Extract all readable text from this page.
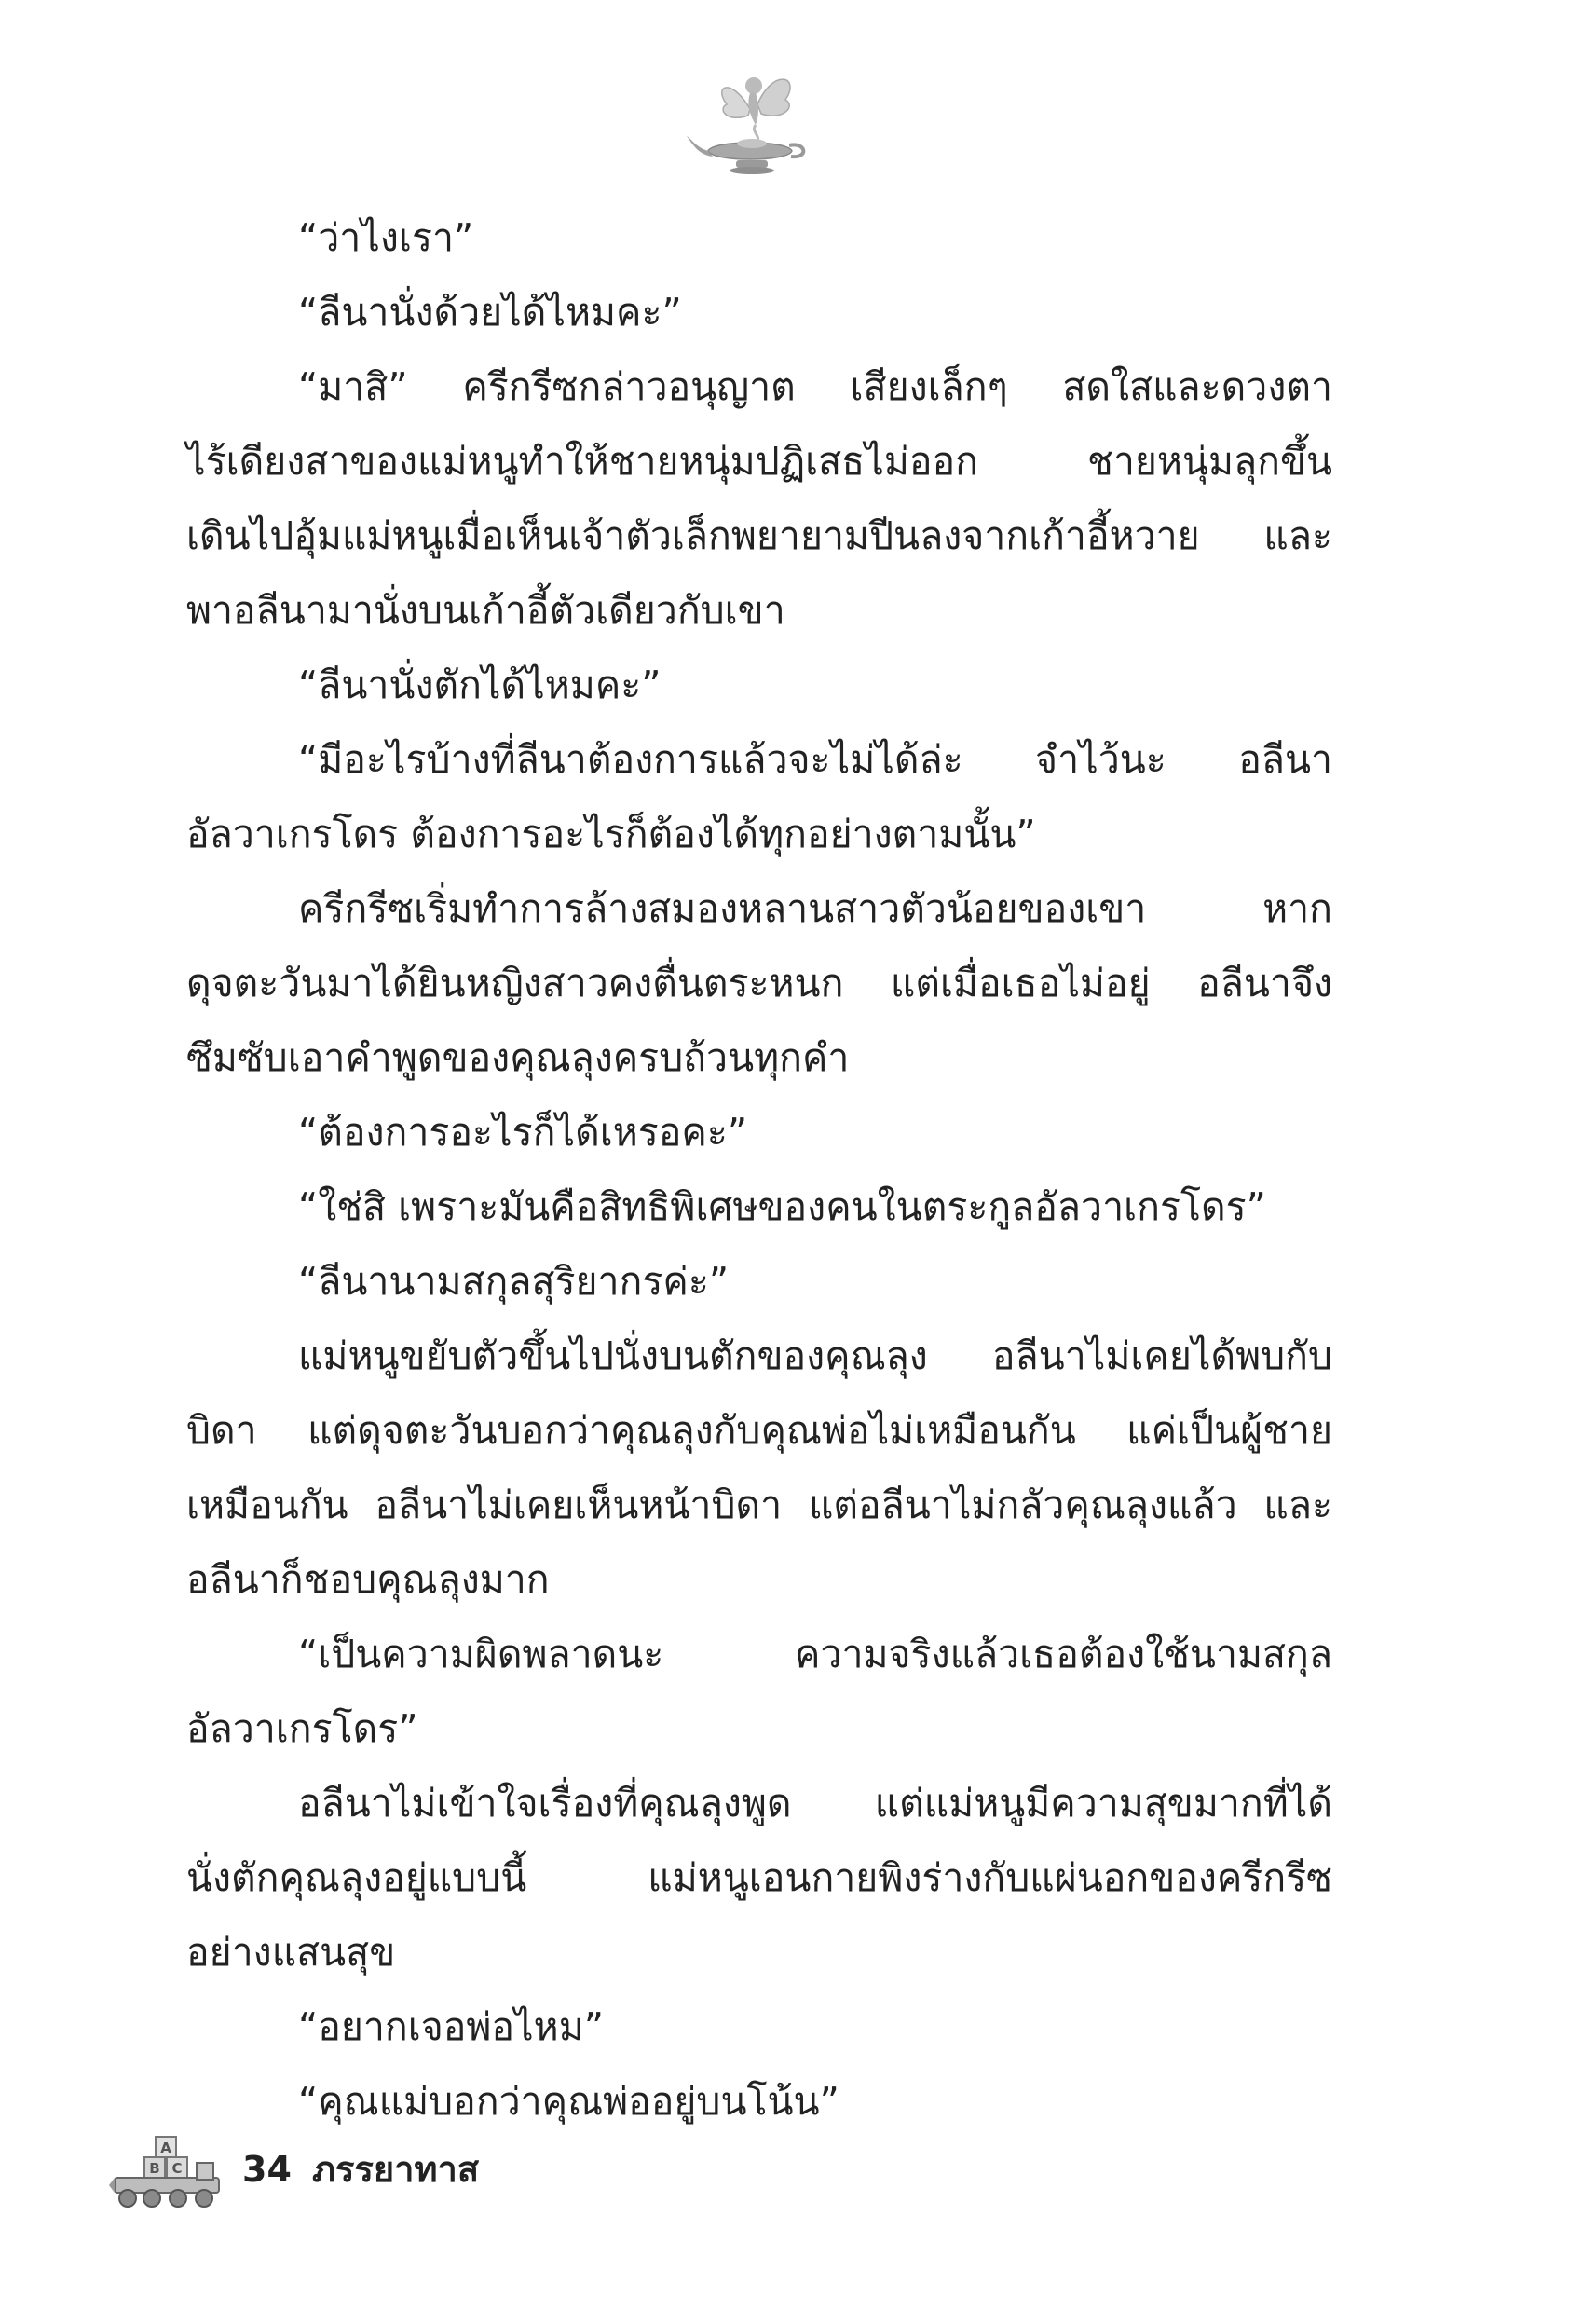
“ว่าไงเรา”
“ลีนานั่งด้วยได้ไหมคะ”
“มาสิ” ครีกรีซกล่าวอนุญาต เสียงเล็กๆ สดใสและดวงตา
ไร้เดียงสาของแม่หนูทำให้ชายหนุ่มปฏิเสธไม่ออก ชายหนุ่มลุกขึ้น
เดินไปอุ้มแม่หนูเมื่อเห็นเจ้าตัวเล็กพยายามปีนลงจากเก้าอี้หวาย และ
พาอลีนามานั่งบนเก้าอี้ตัวเดียวกับเขา
“ลีนานั่งตักได้ไหมคะ”
“มีอะไรบ้างที่ลีนาต้องการแล้วจะไม่ได้ล่ะ จำไว้นะ อลีนา
อัลวาเกรโดร ต้องการอะไรก็ต้องได้ทุกอย่างตามนั้น”
ครีกรีซเริ่มทำการล้างสมองหลานสาวตัวน้อยของเขา หาก
ดุจตะวันมาได้ยินหญิงสาวคงตื่นตระหนก แต่เมื่อเธอไม่อยู่ อลีนาจึง
ซึมซับเอาคำพูดของคุณลุงครบถ้วนทุกคำ
“ต้องการอะไรก็ได้เหรอคะ”
“ใช่สิ เพราะมันคือสิทธิพิเศษของคนในตระกูลอัลวาเกรโดร”
“ลีนานามสกุลสุริยากรค่ะ”
แม่หนูขยับตัวขึ้นไปนั่งบนตักของคุณลุง อลีนาไม่เคยได้พบกับ
บิดา แต่ดุจตะวันบอกว่าคุณลุงกับคุณพ่อไม่เหมือนกัน แค่เป็นผู้ชาย
เหมือนกัน อลีนาไม่เคยเห็นหน้าบิดา แต่อลีนาไม่กลัวคุณลุงแล้ว และ
อลีนาก็ชอบคุณลุงมาก
“เป็นความผิดพลาดนะ ความจริงแล้วเธอต้องใช้นามสกุล
อัลวาเกรโดร”
อลีนาไม่เข้าใจเรื่องที่คุณลุงพูด แต่แม่หนูมีความสุขมากที่ได้
นั่งตักคุณลุงอยู่แบบนี้ แม่หนูเอนกายพิงร่างกับแผ่นอกของครีกรีซ
อย่างแสนสุข
“อยากเจอพ่อไหม”
“คุณแม่บอกว่าคุณพ่ออยู่บนโน้น”
A
B C 34 ภรรยาทาส
